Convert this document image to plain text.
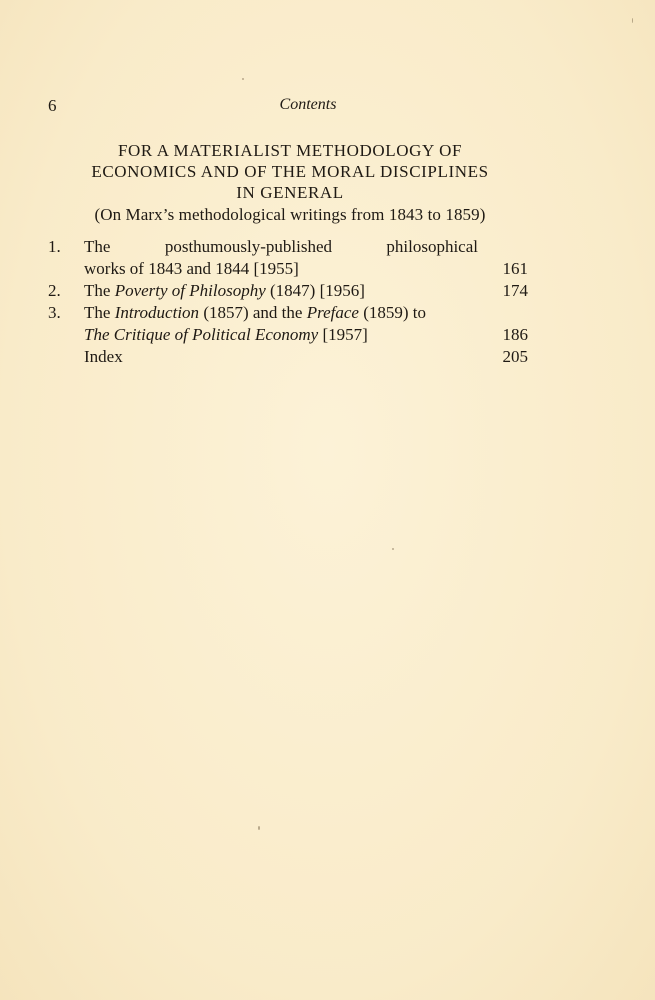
6	Contents
FOR A MATERIALIST METHODOLOGY OF
ECONOMICS AND OF THE MORAL DISCIPLINES
IN GENERAL
(On Marx’s methodological writings from 1843 to 1859)
1.	The posthumously-published philosophical
works of 1843 and 1844 [1955]	161
2.	The Poverty of Philosophy (1847) [1956]	174
3.	The Introduction (1857) and the Preface (1859) to
The Critique of Political Economy [1957]	186
Index	205
